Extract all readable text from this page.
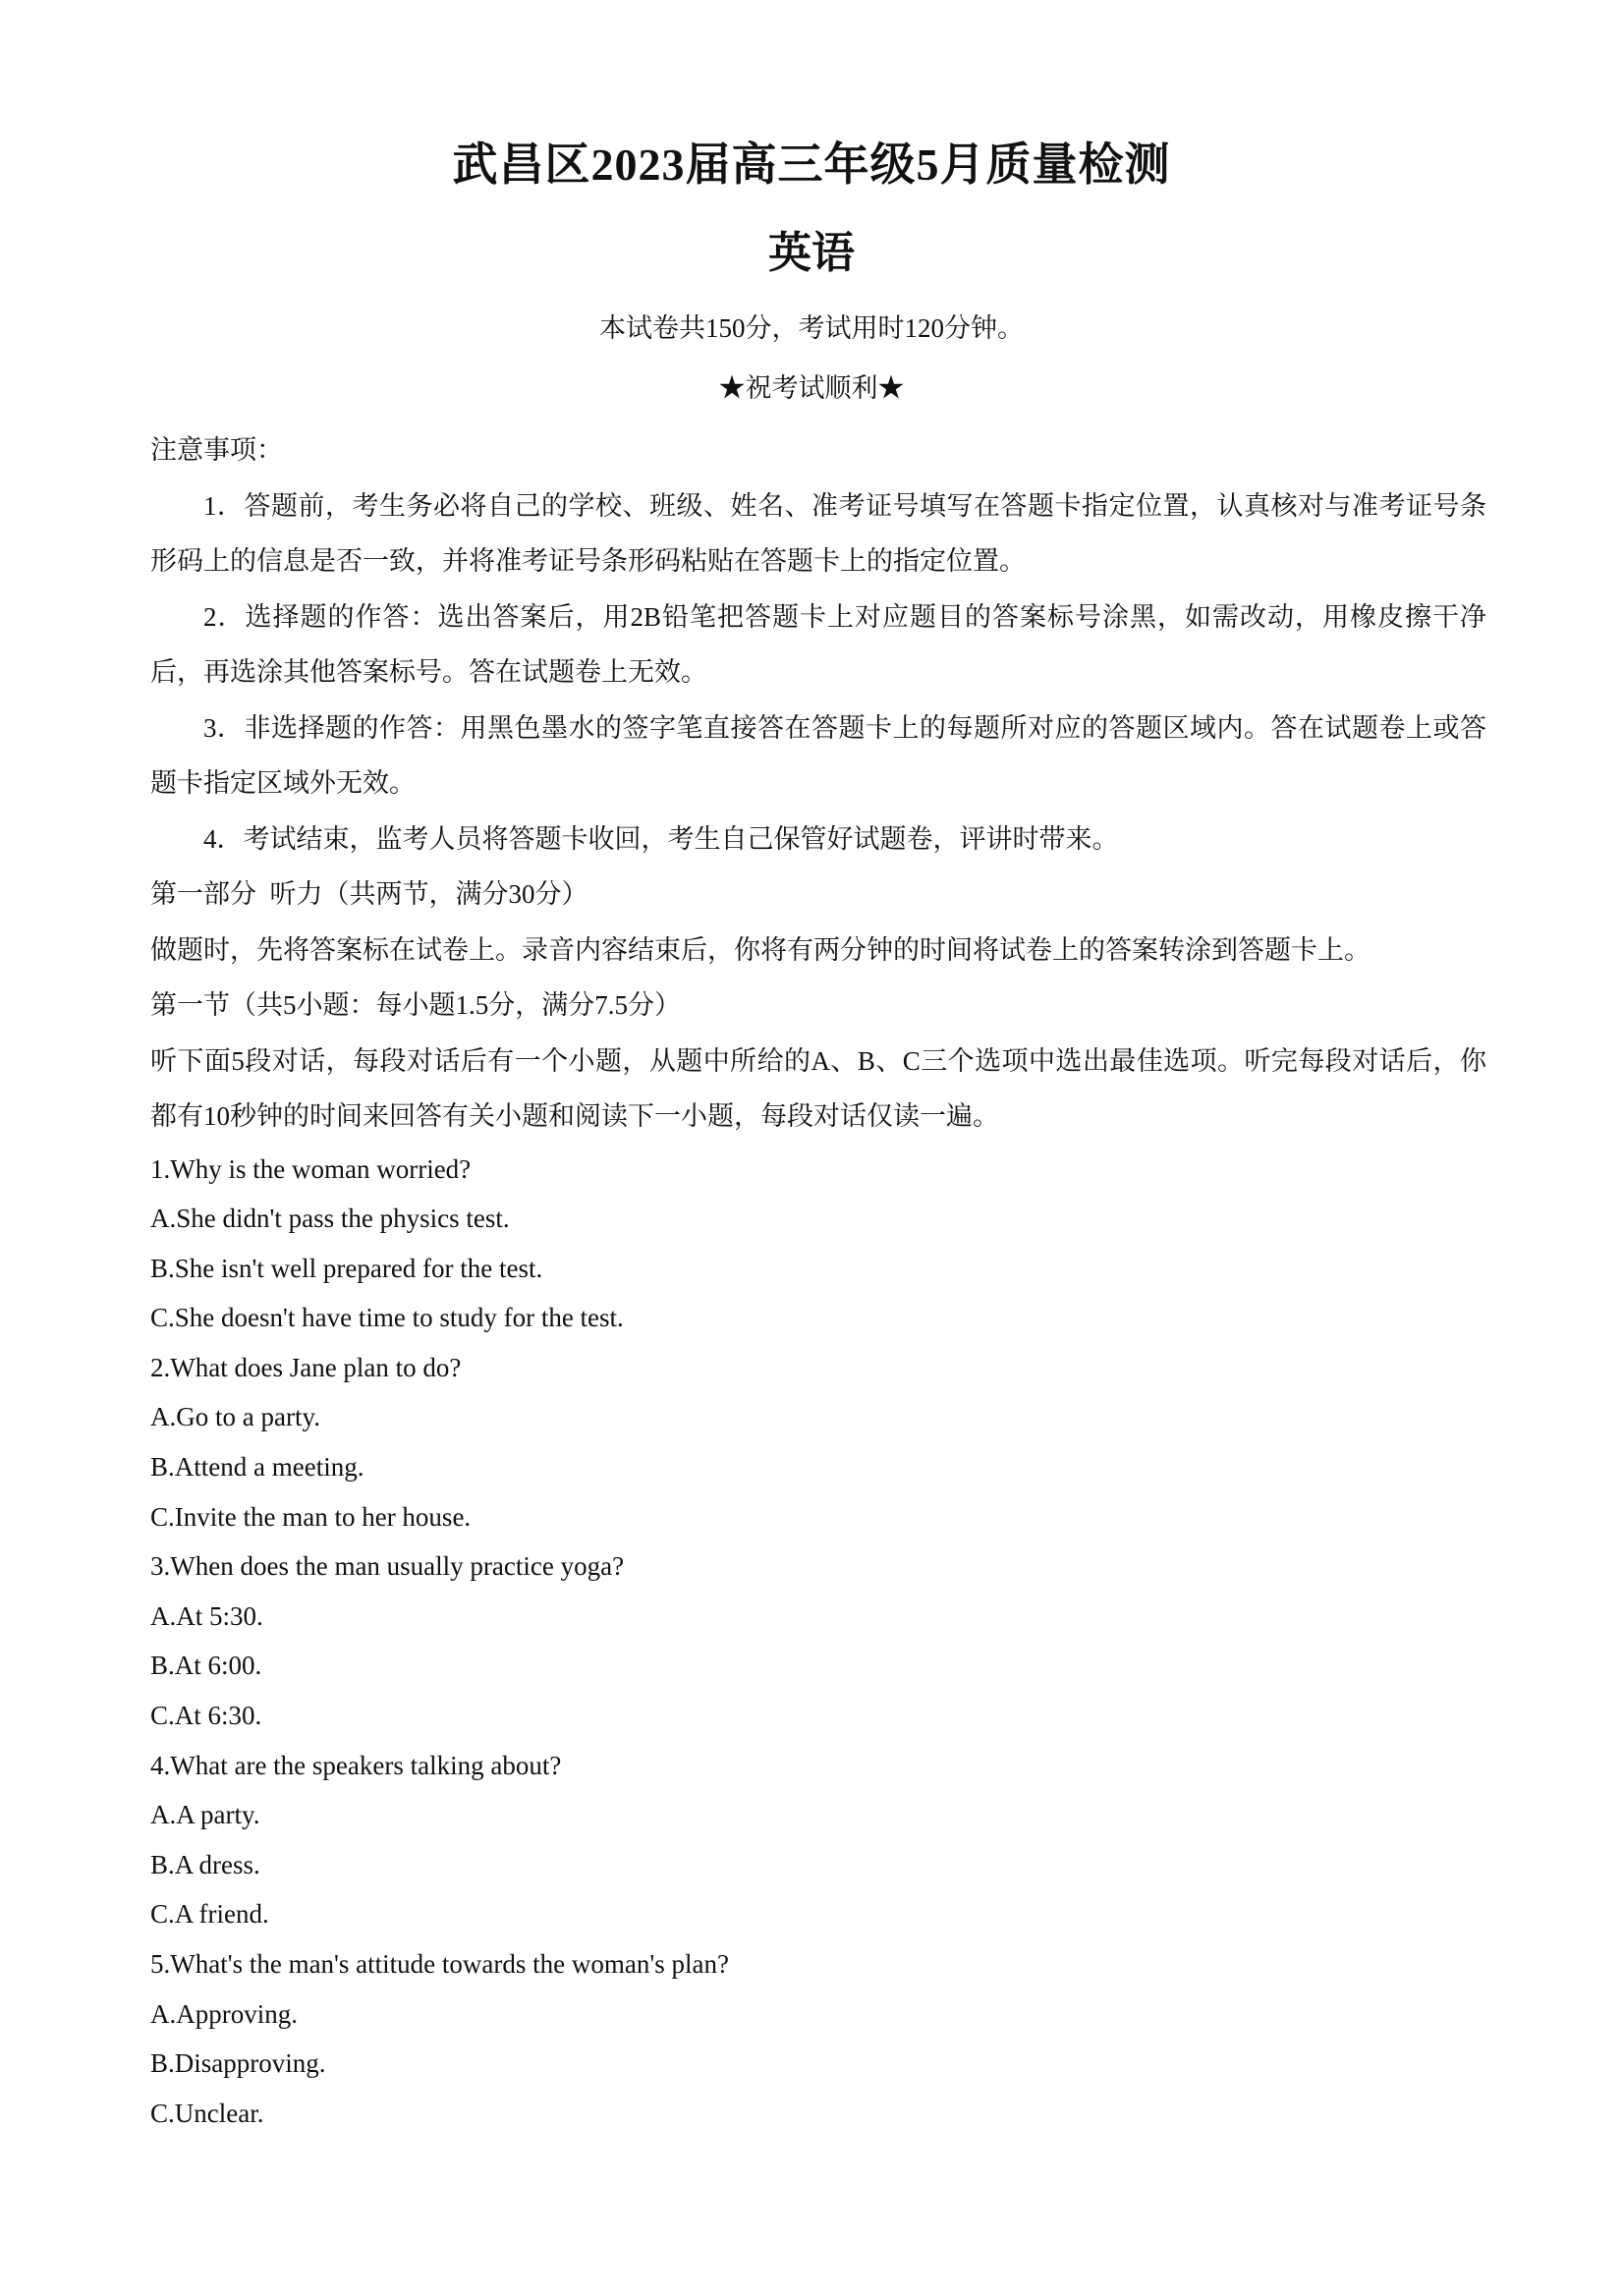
武昌区2023届高三年级5月质量检测
英语
本试卷共150分，考试用时120分钟。
★祝考试顺利★

注意事项：

1．答题前，考生务必将自己的学校、班级、姓名、准考证号填写在答题卡指定位置，认真核对与准考证号条形码上的信息是否一致，并将准考证号条形码粘贴在答题卡上的指定位置。

2．选择题的作答：选出答案后，用2B铅笔把答题卡上对应题目的答案标号涂黑，如需改动，用橡皮擦干净后，再选涂其他答案标号。答在试题卷上无效。

3．非选择题的作答：用黑色墨水的签字笔直接答在答题卡上的每题所对应的答题区域内。答在试题卷上或答题卡指定区域外无效。

4．考试结束，监考人员将答题卡收回，考生自己保管好试题卷，评讲时带来。

第一部分  听力（共两节，满分30分）

做题时，先将答案标在试卷上。录音内容结束后，你将有两分钟的时间将试卷上的答案转涂到答题卡上。

第一节（共5小题：每小题1.5分，满分7.5分）

听下面5段对话，每段对话后有一个小题，从题中所给的A、B、C三个选项中选出最佳选项。听完每段对话后，你都有10秒钟的时间来回答有关小题和阅读下一小题，每段对话仅读一遍。

1.Why is the woman worried?

A.She didn't pass the physics test.

B.She isn't well prepared for the test.

C.She doesn't have time to study for the test.

2.What does Jane plan to do?

A.Go to a party.

B.Attend a meeting.

C.Invite the man to her house.

3.When does the man usually practice yoga?

A.At 5:30.

B.At 6:00.

C.At 6:30.

4.What are the speakers talking about?

A.A party.

B.A dress.

C.A friend.

5.What's the man's attitude towards the woman's plan?

A.Approving.

B.Disapproving.

C.Unclear.
